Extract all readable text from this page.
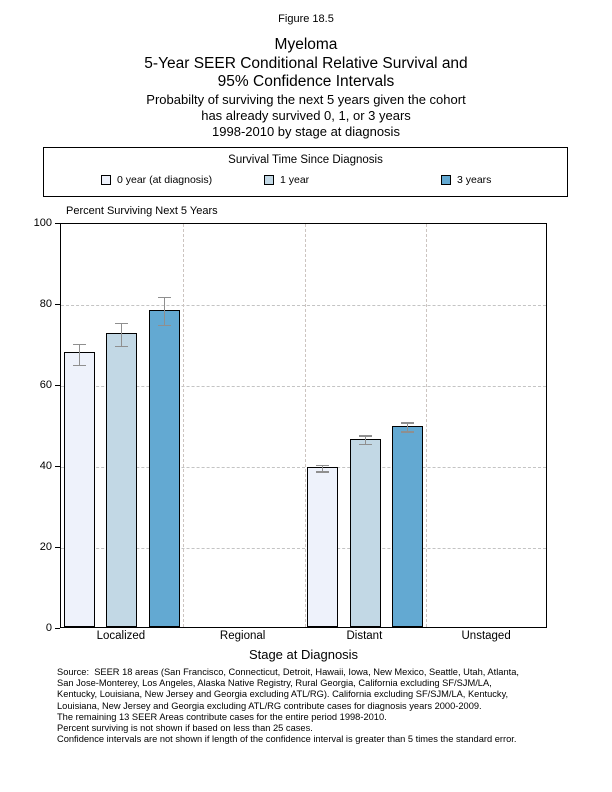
Figure 18.5
Myeloma
5-Year SEER Conditional Relative Survival and
95% Confidence Intervals
Probabilty of surviving the next 5 years given the cohort
has already survived 0, 1, or 3 years
1998-2010 by stage at diagnosis
Survival Time Since Diagnosis
0 year (at diagnosis)	1 year	3 years
Percent Surviving Next 5 Years
0
20
40
60
80
100
Localized	Regional	Distant	Unstaged
Stage at Diagnosis
Source:  SEER 18 areas (San Francisco, Connecticut, Detroit, Hawaii, Iowa, New Mexico, Seattle, Utah, Atlanta,
San Jose-Monterey, Los Angeles, Alaska Native Registry, Rural Georgia, California excluding SF/SJM/LA,
Kentucky, Louisiana, New Jersey and Georgia excluding ATL/RG). California excluding SF/SJM/LA, Kentucky,
Louisiana, New Jersey and Georgia excluding ATL/RG contribute cases for diagnosis years 2000-2009.
The remaining 13 SEER Areas contribute cases for the entire period 1998-2010.
Percent surviving is not shown if based on less than 25 cases.
Confidence intervals are not shown if length of the confidence interval is greater than 5 times the standard error.
